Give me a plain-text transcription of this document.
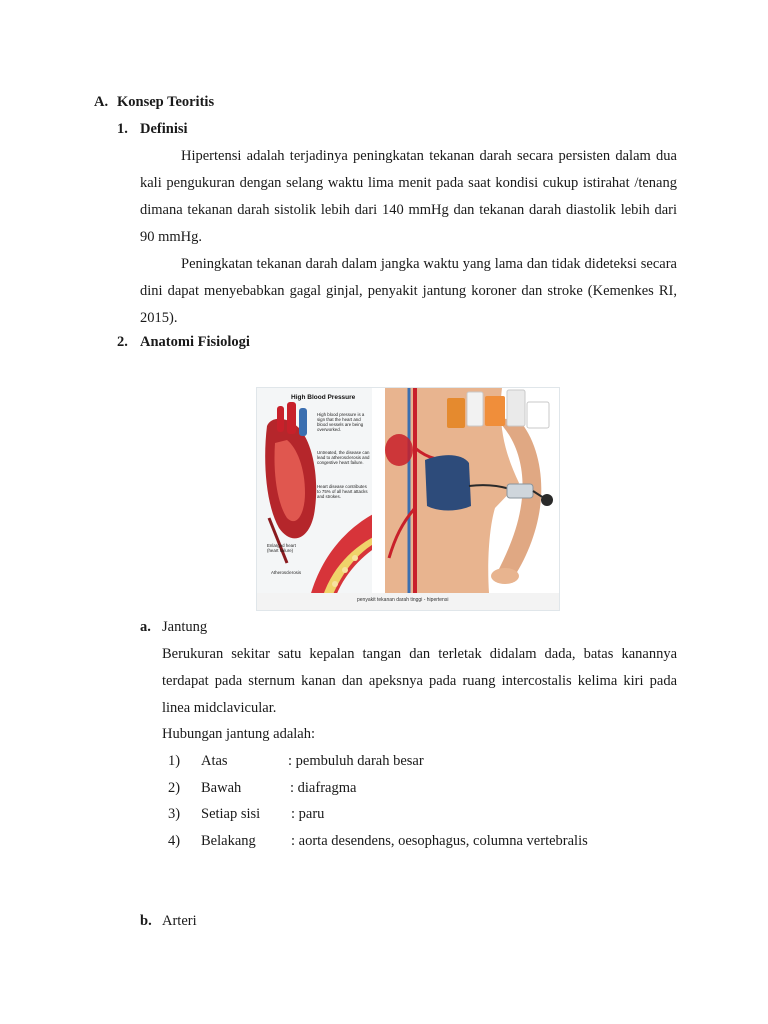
A. Konsep Teoritis
1. Definisi
Hipertensi adalah terjadinya peningkatan tekanan darah secara persisten dalam dua kali pengukuran dengan selang waktu lima menit pada saat kondisi cukup istirahat /tenang dimana tekanan darah sistolik lebih dari 140 mmHg dan tekanan darah diastolik lebih dari 90 mmHg.
Peningkatan tekanan darah dalam jangka waktu yang lama dan tidak dideteksi secara dini dapat menyebabkan gagal ginjal, penyakit jantung koroner dan stroke (Kemenkes RI, 2015).
2. Anatomi Fisiologi
High Blood Pressure
High blood pressure is a
sign that the heart and
blood vessels are being
overworked.
Untreated, the disease can
lead to atherosclerosis and
congestive heart failure.
Heart disease contributes
to 75% of all heart attacks
and strokes.
Enlarged heart
(heart failure)
Atherosclerosis
penyakit tekanan darah tinggi - hipertensi
a. Jantung
Berukuran sekitar satu kepalan tangan dan terletak didalam dada, batas kanannya terdapat pada sternum kanan dan apeksnya pada ruang intercostalis kelima kiri pada linea midclavicular.
Hubungan jantung adalah:
1) Atas	: pembuluh darah besar
2) Bawah	: diafragma
3) Setiap sisi : paru
4) Belakang : aorta desendens, oesophagus, columna vertebralis
b. Arteri
